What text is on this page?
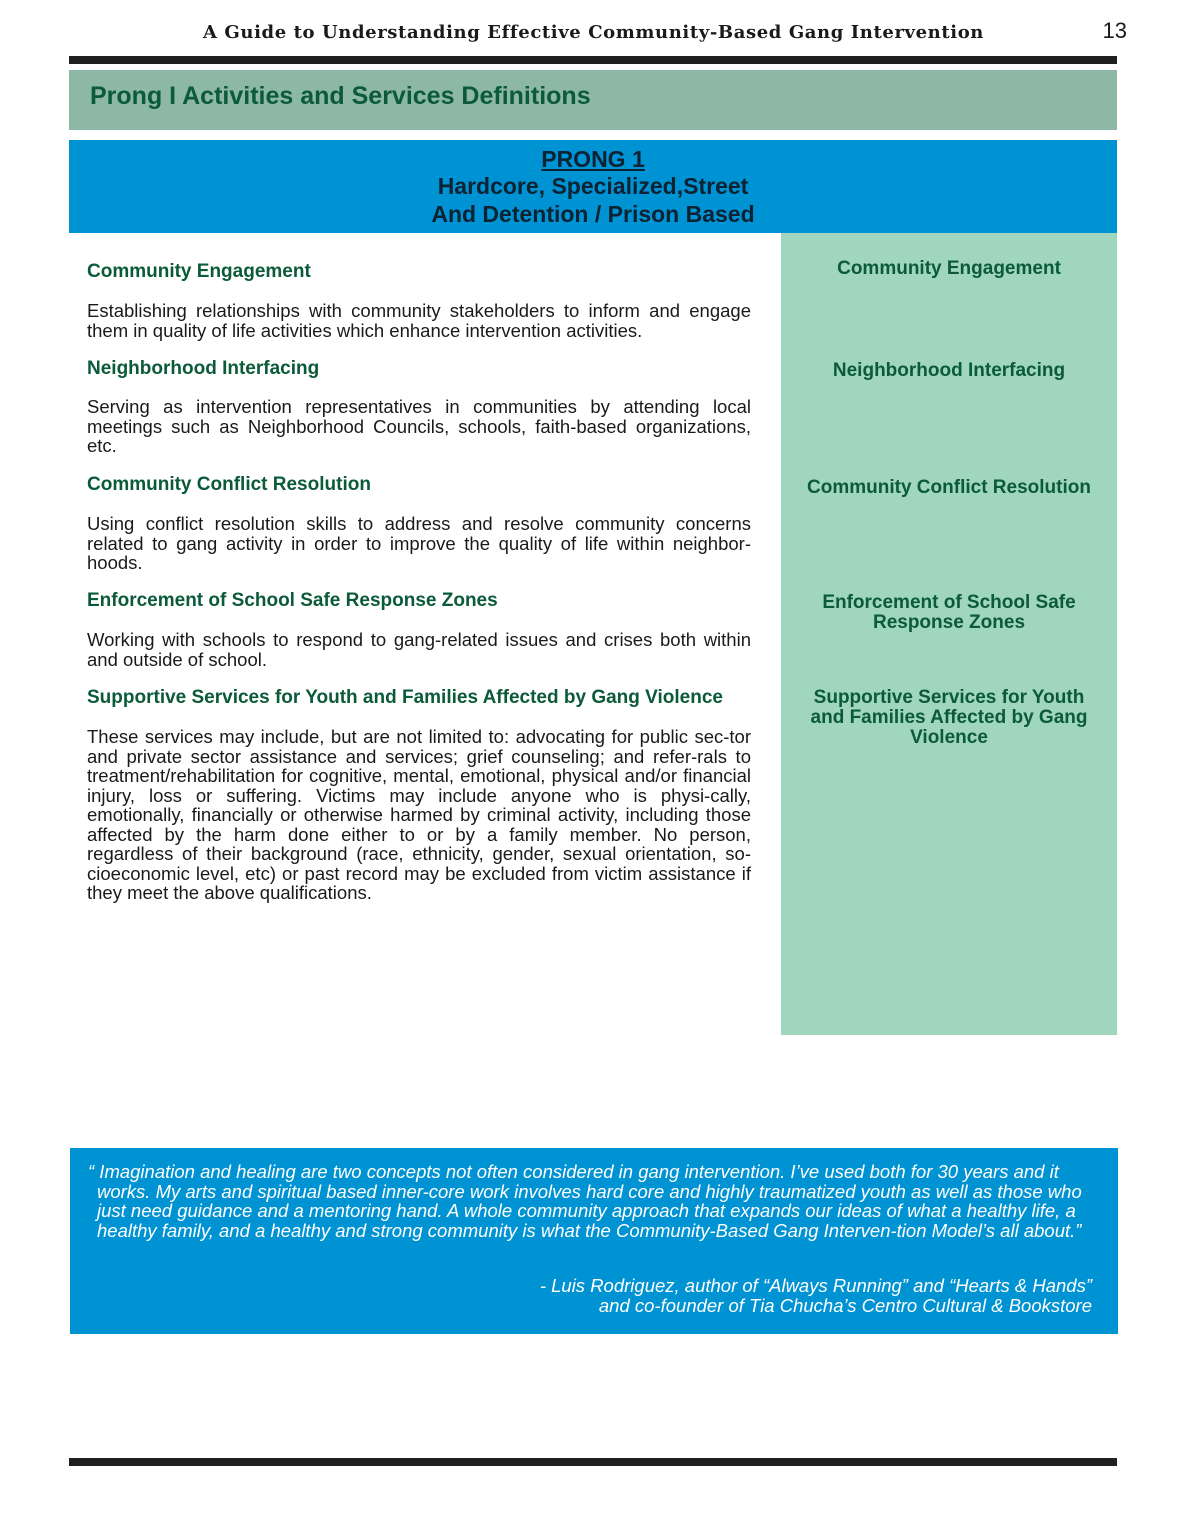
A Guide to Understanding Effective Community-Based Gang Intervention	13
Prong I Activities and Services Definitions
PRONG 1
Hardcore, Specialized,Street
And Detention / Prison Based
Community Engagement
Neighborhood Interfacing
Community Conflict Resolution
Enforcement of School Safe Response Zones
Supportive Services for Youth and Families Affected by Gang Violence
Community Engagement
Establishing relationships with community stakeholders to inform and engage them in quality of life activities which enhance intervention activities.
Neighborhood Interfacing
Serving as intervention representatives in communities by attending local meetings such as Neighborhood Councils, schools, faith-based organizations, etc.
Community Conflict Resolution
Using conflict resolution skills to address and resolve community concerns related to gang activity in order to improve the quality of life within neighbor-hoods.
Enforcement of School Safe Response Zones
Working with schools to respond to gang-related issues and crises both within and outside of school.
Supportive Services for Youth and Families Affected by Gang Violence
These services may include, but are not limited to: advocating for public sec-tor and private sector assistance and services; grief counseling; and refer-rals to treatment/rehabilitation for cognitive, mental, emotional, physical and/or financial injury, loss or suffering. Victims may include anyone who is physi-cally, emotionally, financially or otherwise harmed by criminal activity, including those affected by the harm done either to or by a family member. No person, regardless of their background (race, ethnicity, gender, sexual orientation, so-cioeconomic level, etc) or past record may be excluded from victim assistance if they meet the above qualifications.
“ Imagination and healing are two concepts not often considered in gang intervention. I’ve used both for 30 years and it works. My arts and spiritual based inner-core work involves hard core and highly traumatized youth as well as those who just need guidance and a mentoring hand. A whole community approach that expands our ideas of what a healthy life, a healthy family, and a healthy and strong community is what the Community-Based Gang Interven-tion Model’s all about.”
- Luis Rodriguez, author of “Always Running” and “Hearts & Hands”
and co-founder of Tia Chucha’s Centro Cultural & Bookstore
